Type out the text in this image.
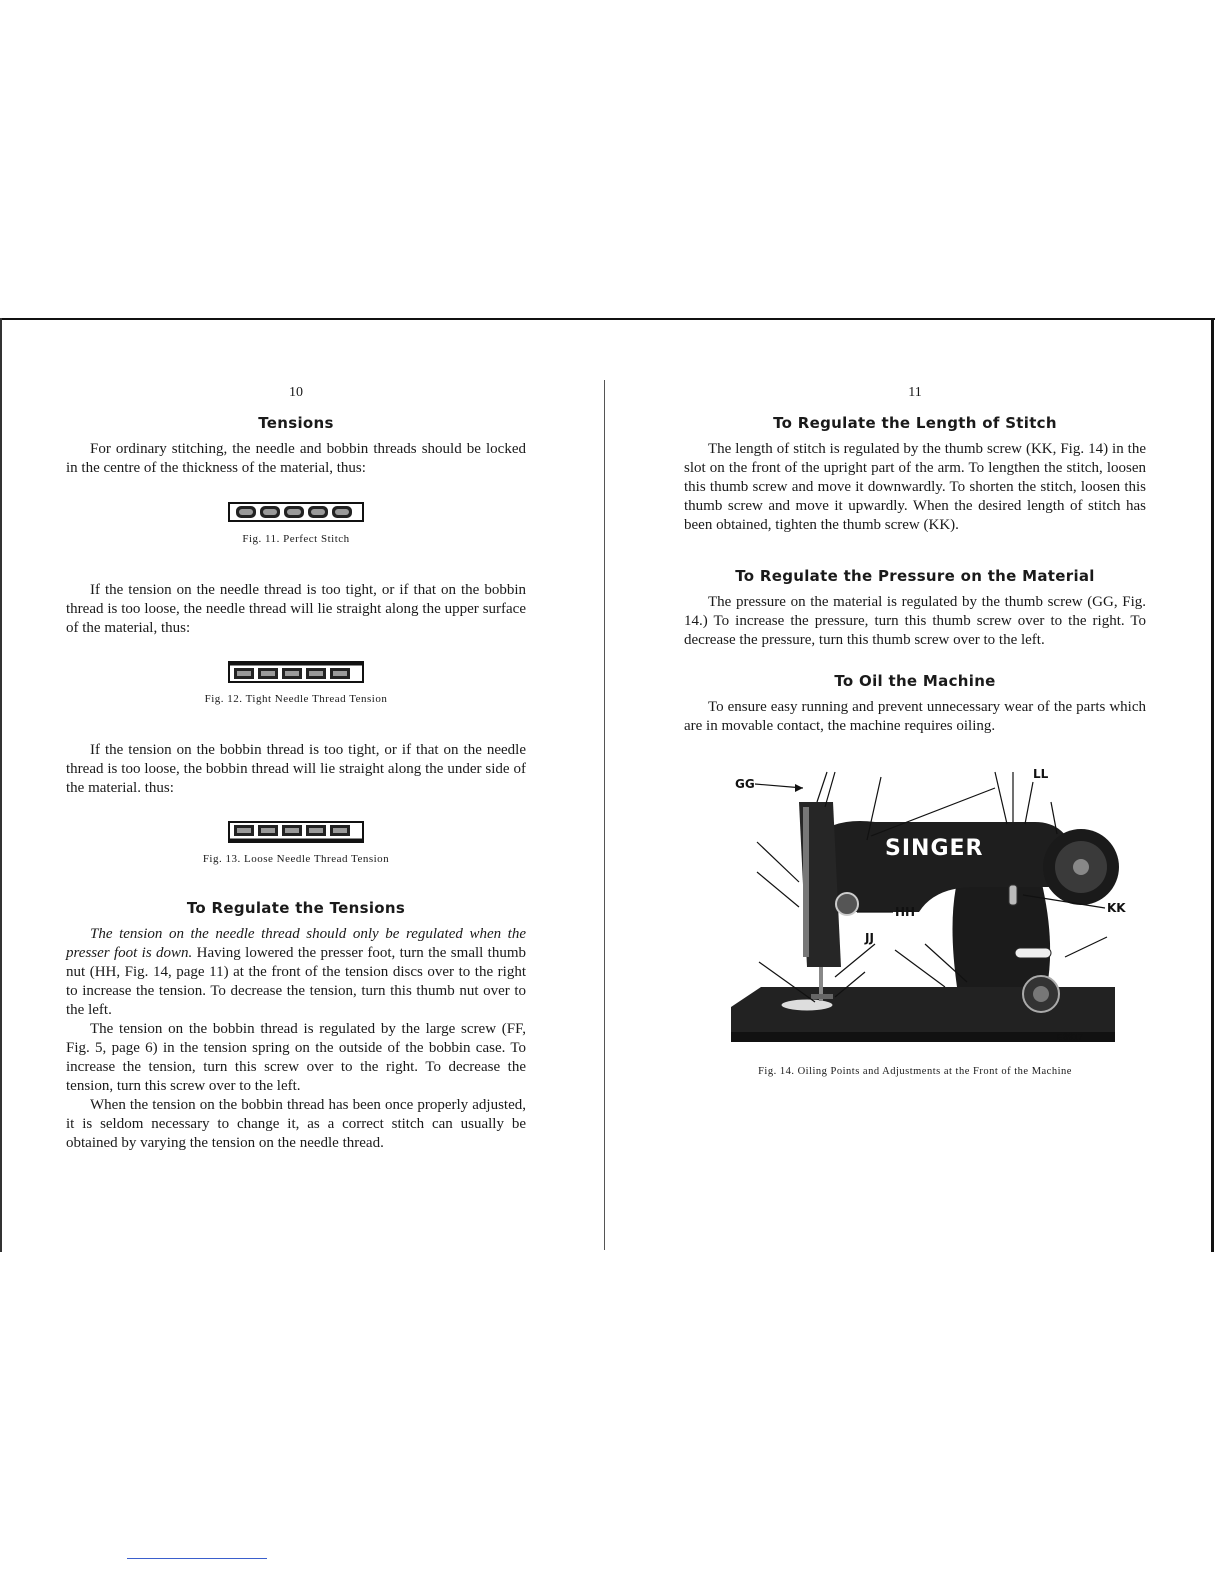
10
Tensions

For ordinary stitching, the needle and bobbin threads should be locked in the centre of the thickness of the material, thus:

Fig. 11. Perfect Stitch

If the tension on the needle thread is too tight, or if that on the bobbin thread is too loose, the needle thread will lie straight along the upper surface of the material, thus:

Fig. 12. Tight Needle Thread Tension

If the tension on the bobbin thread is too tight, or if that on the needle thread is too loose, the bobbin thread will lie straight along the under side of the material. thus:

Fig. 13. Loose Needle Thread Tension

To Regulate the Tensions

The tension on the needle thread should only be regulated when the presser foot is down. Having lowered the presser foot, turn the small thumb nut (HH, Fig. 14, page 11) at the front of the tension discs over to the right to increase the tension. To decrease the tension, turn this thumb nut over to the left.

The tension on the bobbin thread is regulated by the large screw (FF, Fig. 5, page 6) in the tension spring on the outside of the bobbin case. To increase the tension, turn this screw over to the right. To decrease the tension, turn this screw over to the left.

When the tension on the bobbin thread has been once properly adjusted, it is seldom necessary to change it, as a correct stitch can usually be obtained by varying the tension on the needle thread.

11
To Regulate the Length of Stitch

The length of stitch is regulated by the thumb screw (KK, Fig. 14) in the slot on the front of the upright part of the arm. To lengthen the stitch, loosen this thumb screw and move it downwardly. To shorten the stitch, loosen this thumb screw and move it upwardly. When the desired length of stitch has been obtained, tighten the thumb screw (KK).

To Regulate the Pressure on the Material

The pressure on the material is regulated by the thumb screw (GG, Fig. 14.) To increase the pressure, turn this thumb screw over to the right. To decrease the pressure, turn this thumb screw over to the left.

To Oil the Machine

To ensure easy running and prevent unnecessary wear of the parts which are in movable contact, the machine requires oiling.

SINGER
GG
LL
HH
JJ
KK
E8917

Fig. 14. Oiling Points and Adjustments at the Front of the Machine
